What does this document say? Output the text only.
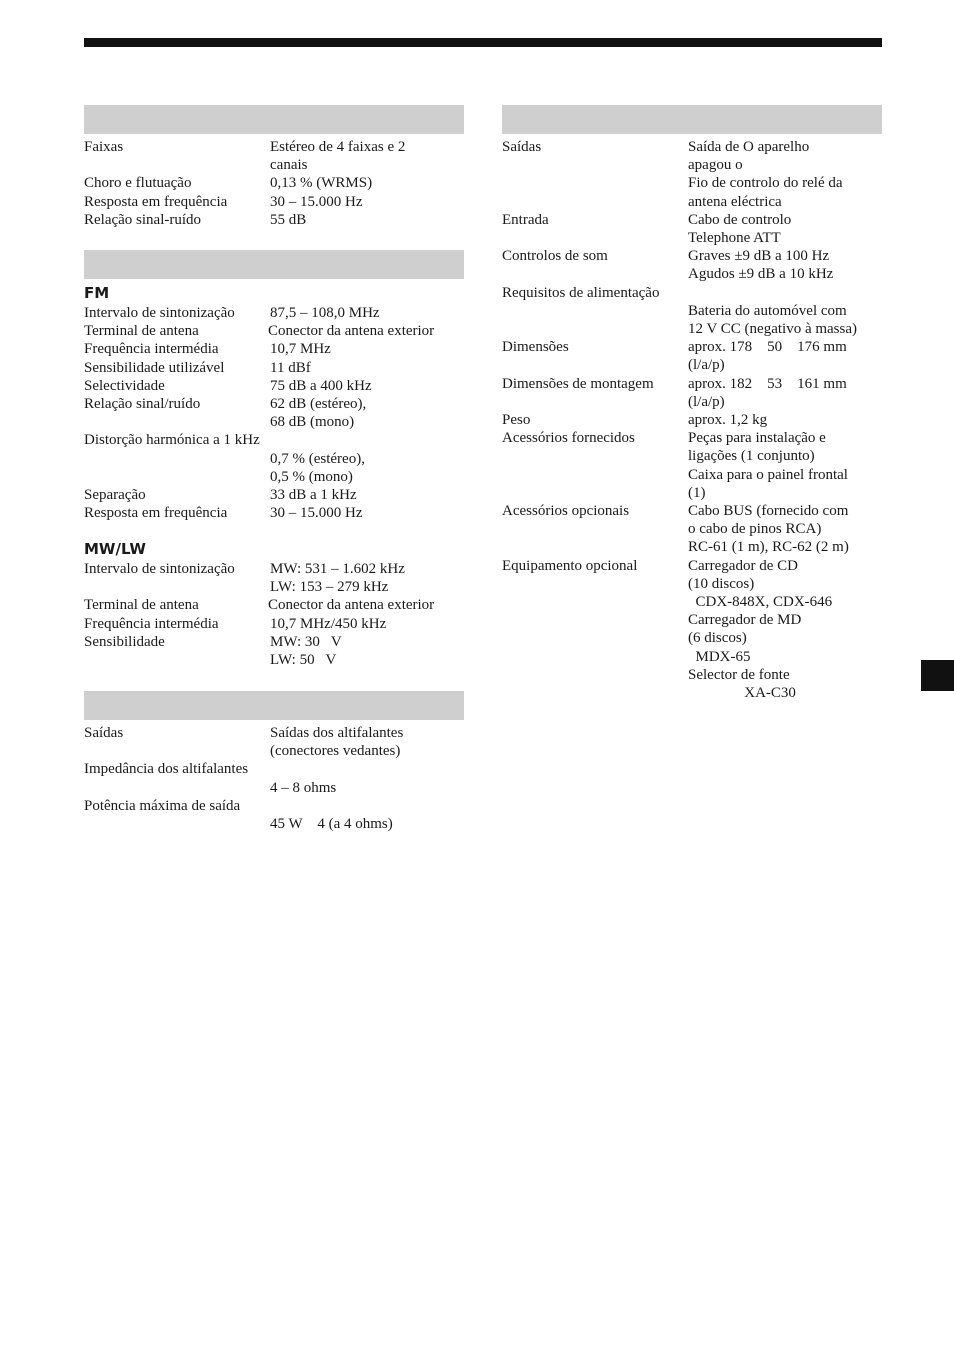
Faixas	Estéreo de 4 faixas e 2
canais
Choro e flutuação	0,13 % (WRMS)
Resposta em frequência	30 – 15.000 Hz
Relação sinal-ruído	55 dB
FM
Intervalo de sintonização 87,5 – 108,0 MHz
Terminal de antena	Conector da antena exterior
Frequência intermédia	10,7 MHz
Sensibilidade utilizável	11 dBf
Selectividade	75 dB a 400 kHz
Relação sinal/ruído	62 dB (estéreo),
68 dB (mono)
Distorção harmónica a 1 kHz
0,7 % (estéreo),
0,5 % (mono)
Separação	33 dB a 1 kHz
Resposta em frequência	30 – 15.000 Hz
MW/LW
Intervalo de sintonização MW: 531 – 1.602 kHz
LW: 153 – 279 kHz
Terminal de antena	Conector da antena exterior
Frequência intermédia	10,7 MHz/450 kHz
Sensibilidade	MW: 30   V
LW: 50   V
Saídas	Saídas dos altifalantes
(conectores vedantes)
Impedância dos altifalantes
4 – 8 ohms
Potência máxima de saída
45 W    4 (a 4 ohms)
Saídas	Saída de O aparelho
apagou o
Fio de controlo do relé da
antena eléctrica
Entrada	Cabo de controlo
Telephone ATT
Controlos de som	Graves ±9 dB a 100 Hz
Agudos ±9 dB a 10 kHz
Requisitos de alimentação
Bateria do automóvel com
12 V CC (negativo à massa)
Dimensões	aprox. 178    50    176 mm
(l/a/p)
Dimensões de montagem aprox. 182    53    161 mm
(l/a/p)
Peso	aprox. 1,2 kg
Acessórios fornecidos	Peças para instalação e
ligações (1 conjunto)
Caixa para o painel frontal
(1)
Acessórios opcionais	Cabo BUS (fornecido com
o cabo de pinos RCA)
RC-61 (1 m), RC-62 (2 m)
Equipamento opcional	Carregador de CD
(10 discos)
CDX-848X, CDX-646
Carregador de MD
(6 discos)
MDX-65
Selector de fonte
XA-C30
